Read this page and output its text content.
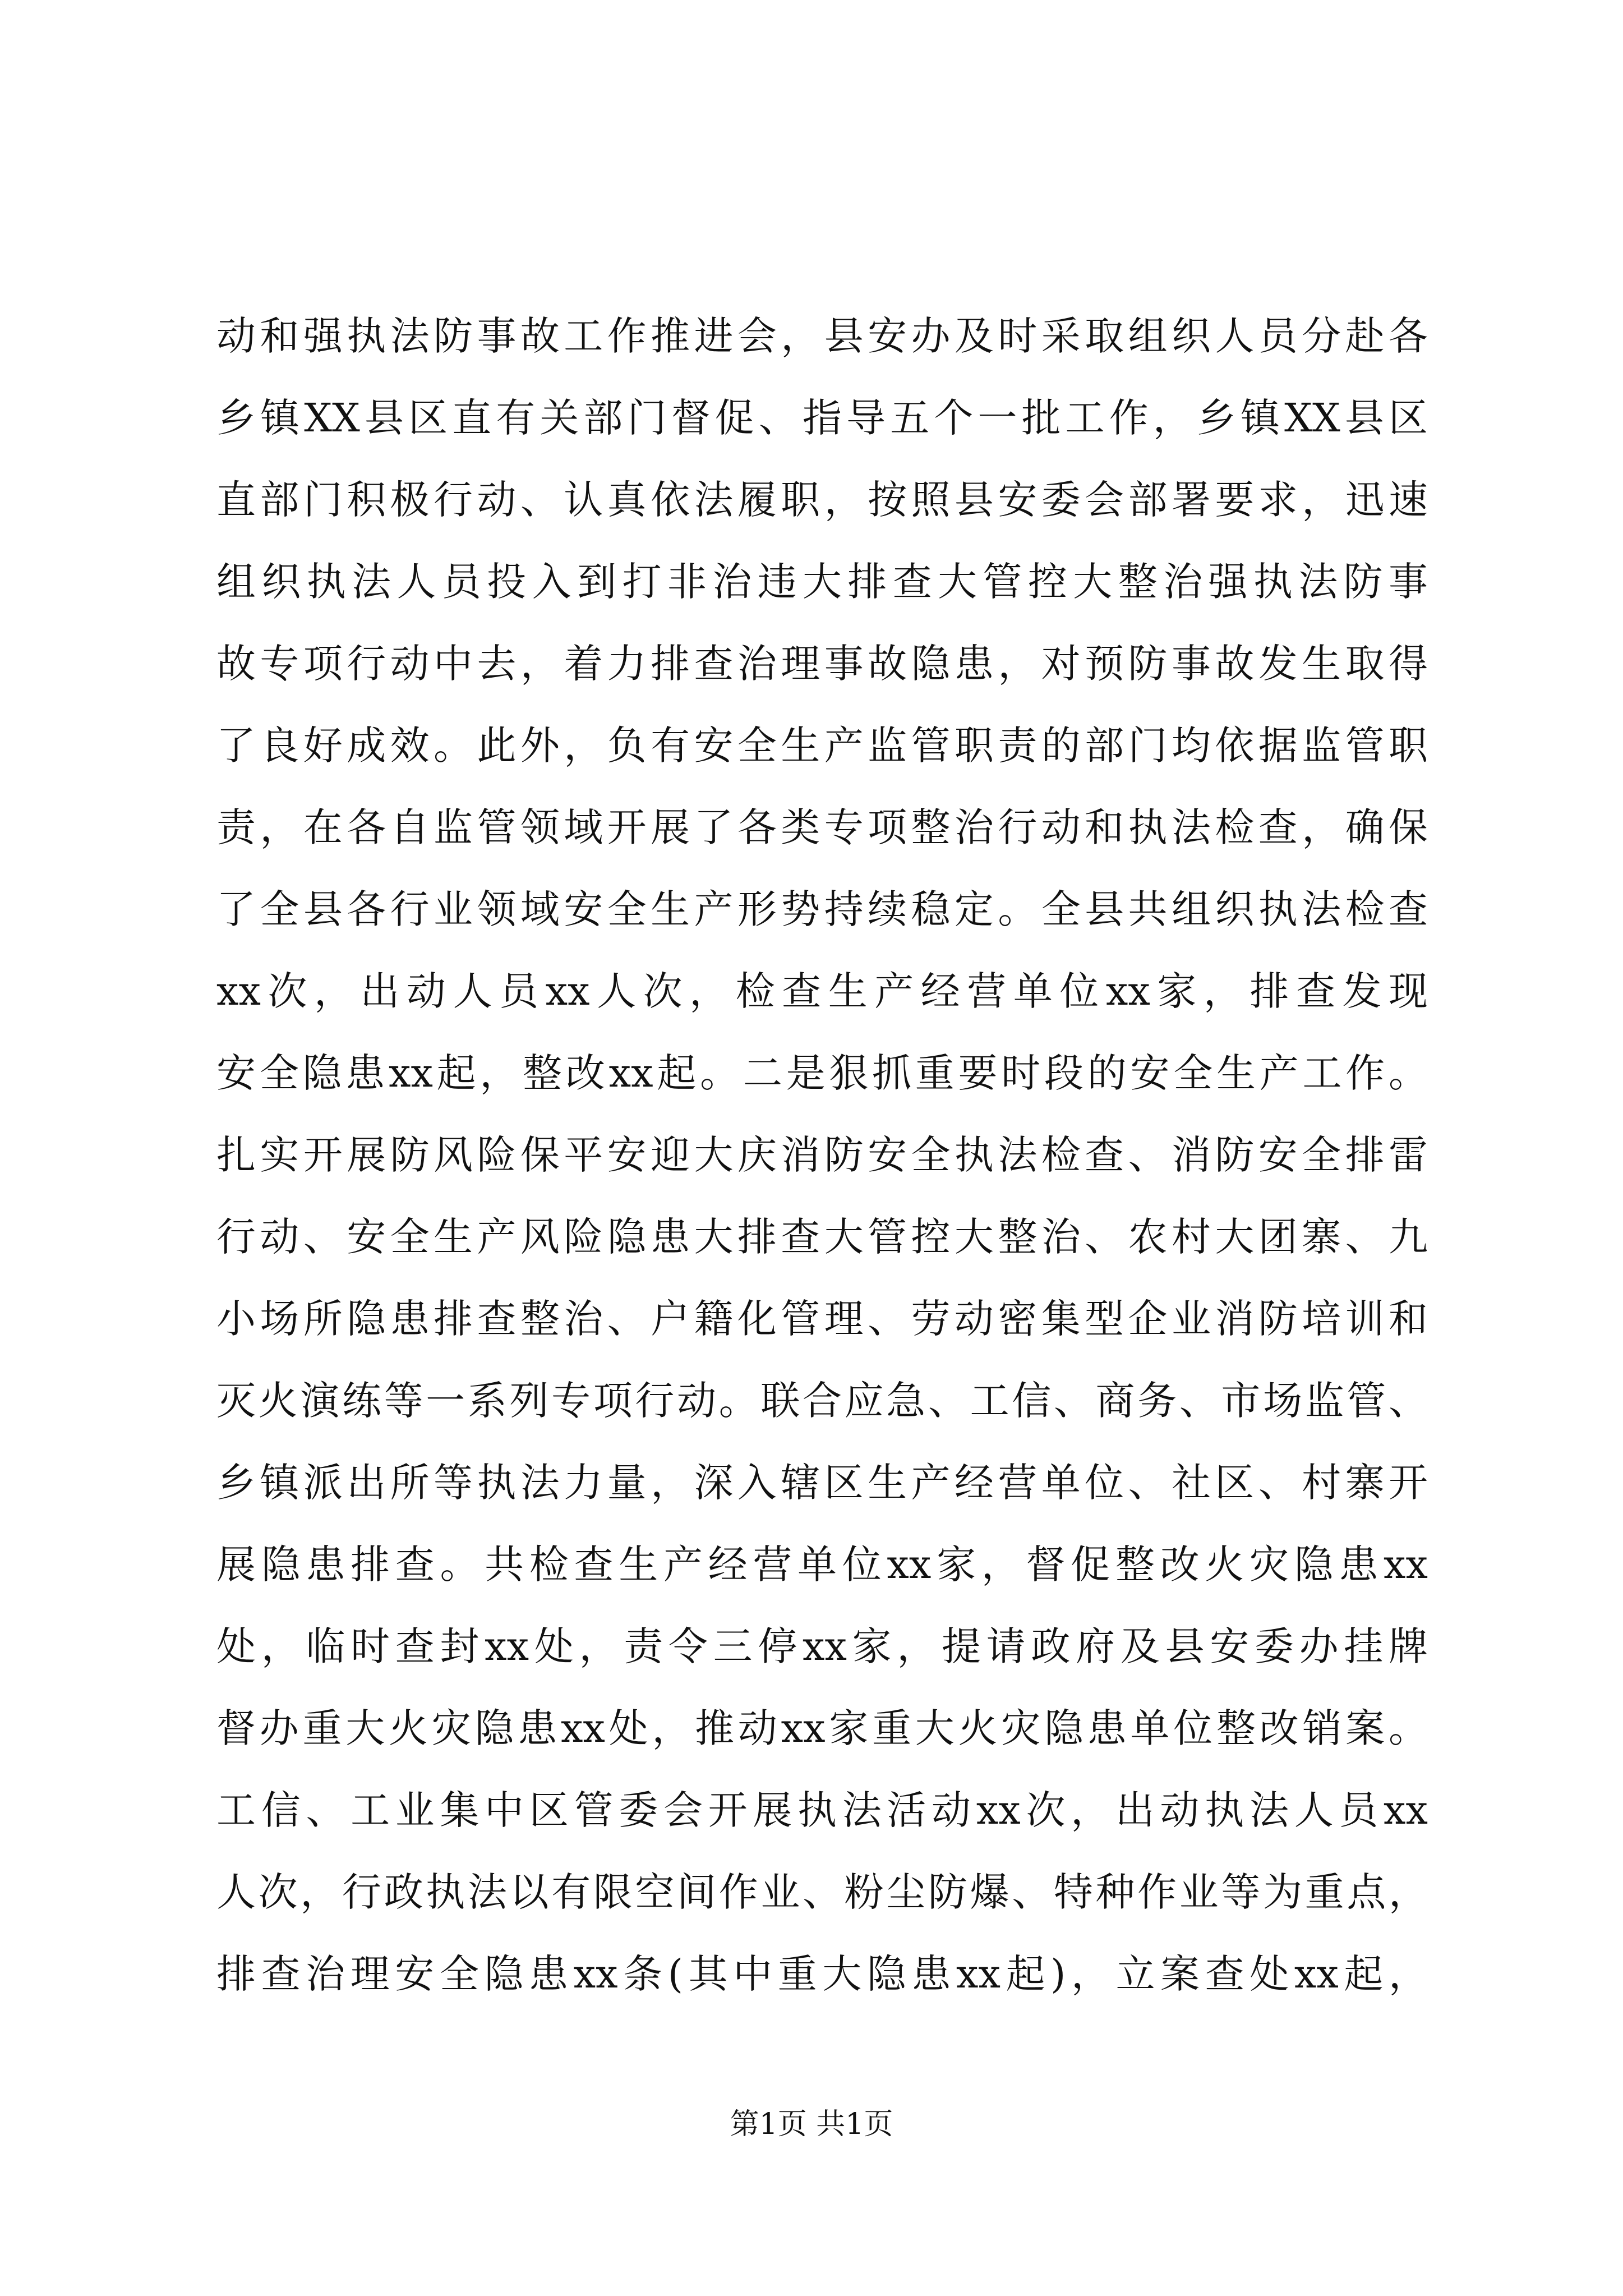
动和强执法防事故工作推进会，县安办及时采取组织人员分赴各
乡镇XX县区直有关部门督促、指导五个一批工作，乡镇XX县区
直部门积极行动、认真依法履职，按照县安委会部署要求，迅速
组织执法人员投入到打非治违大排查大管控大整治强执法防事
故专项行动中去，着力排查治理事故隐患，对预防事故发生取得
了良好成效。此外，负有安全生产监管职责的部门均依据监管职
责，在各自监管领域开展了各类专项整治行动和执法检查，确保
了全县各行业领域安全生产形势持续稳定。全县共组织执法检查
xx次，出动人员xx人次，检查生产经营单位xx家，排查发现
安全隐患xx起，整改xx起。二是狠抓重要时段的安全生产工作。
扎实开展防风险保平安迎大庆消防安全执法检查、消防安全排雷
行动、安全生产风险隐患大排查大管控大整治、农村大团寨、九
小场所隐患排查整治、户籍化管理、劳动密集型企业消防培训和
灭火演练等一系列专项行动。联合应急、工信、商务、市场监管、
乡镇派出所等执法力量，深入辖区生产经营单位、社区、村寨开
展隐患排查。共检查生产经营单位xx家，督促整改火灾隐患xx
处，临时查封xx处，责令三停xx家，提请政府及县安委办挂牌
督办重大火灾隐患xx处，推动xx家重大火灾隐患单位整改销案。
工信、工业集中区管委会开展执法活动xx次，出动执法人员xx
人次，行政执法以有限空间作业、粉尘防爆、特种作业等为重点，
排查治理安全隐患xx条(其中重大隐患xx起)，立案查处xx起，
第1页 共1页
